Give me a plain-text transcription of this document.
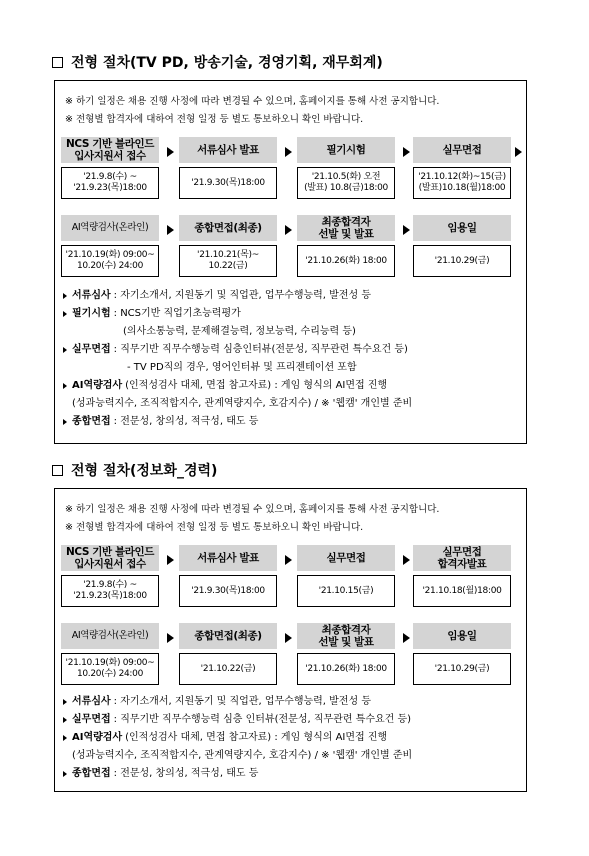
전형 절차(TV PD, 방송기술, 경영기획, 재무회계)
※ 하기 일정은 채용 진행 사정에 따라 변경될 수 있으며, 홈페이지를 통해 사전 공지합니다.
※ 전형별 합격자에 대하여 전형 일정 등 별도 통보하오니 확인 바랍니다.
NCS 기반 블라인드
입사지원서 접수
'21.9.8(수) ~
'21.9.23(목)18:00
서류심사 발표
'21.9.30(목)18:00
필기시험
'21.10.5(화) 오전
(발표) 10.8(금)18:00
실무면접
'21.10.12(화)~15(금)
(발표)10.18(월)18:00
AI역량검사(온라인)
'21.10.19(화) 09:00~
10.20(수) 24:00
종합면접(최종)
'21.10.21(목)~
10.22(금)
최종합격자
선발 및 발표
'21.10.26(화) 18:00
임용일
'21.10.29(금)
서류심사 : 자기소개서, 지원동기 및 직업관, 업무수행능력, 발전성 등
필기시험 : NCS기반 직업기초능력평가
(의사소통능력, 문제해결능력, 정보능력, 수리능력 등)
실무면접 : 직무기반 직무수행능력 심층인터뷰(전문성, 직무관련 특수요건 등)
- TV PD직의 경우, 영어인터뷰 및 프리젠테이션 포함
AI역량검사 (인적성검사 대체, 면접 참고자료) : 게임 형식의 AI면접 진행
(성과능력지수, 조직적합지수, 관계역량지수, 호감지수) / ※ '웹캠' 개인별 준비
종합면접 : 전문성, 창의성, 적극성, 태도 등
전형 절차(정보화_경력)
※ 하기 일정은 채용 진행 사정에 따라 변경될 수 있으며, 홈페이지를 통해 사전 공지합니다.
※ 전형별 합격자에 대하여 전형 일정 등 별도 통보하오니 확인 바랍니다.
NCS 기반 블라인드
입사지원서 접수
'21.9.8(수) ~
'21.9.23(목)18:00
서류심사 발표
'21.9.30(목)18:00
실무면접
'21.10.15(금)
실무면접
합격자발표
'21.10.18(월)18:00
AI역량검사(온라인)
'21.10.19(화) 09:00~
10.20(수) 24:00
종합면접(최종)
'21.10.22(금)
최종합격자
선발 및 발표
'21.10.26(화) 18:00
임용일
'21.10.29(금)
서류심사 : 자기소개서, 지원동기 및 직업관, 업무수행능력, 발전성 등
실무면접 : 직무기반 직무수행능력 심층 인터뷰(전문성, 직무관련 특수요건 등)
AI역량검사 (인적성검사 대체, 면접 참고자료) : 게임 형식의 AI면접 진행
(성과능력지수, 조직적합지수, 관계역량지수, 호감지수) / ※ '웹캠' 개인별 준비
종합면접 : 전문성, 창의성, 적극성, 태도 등
